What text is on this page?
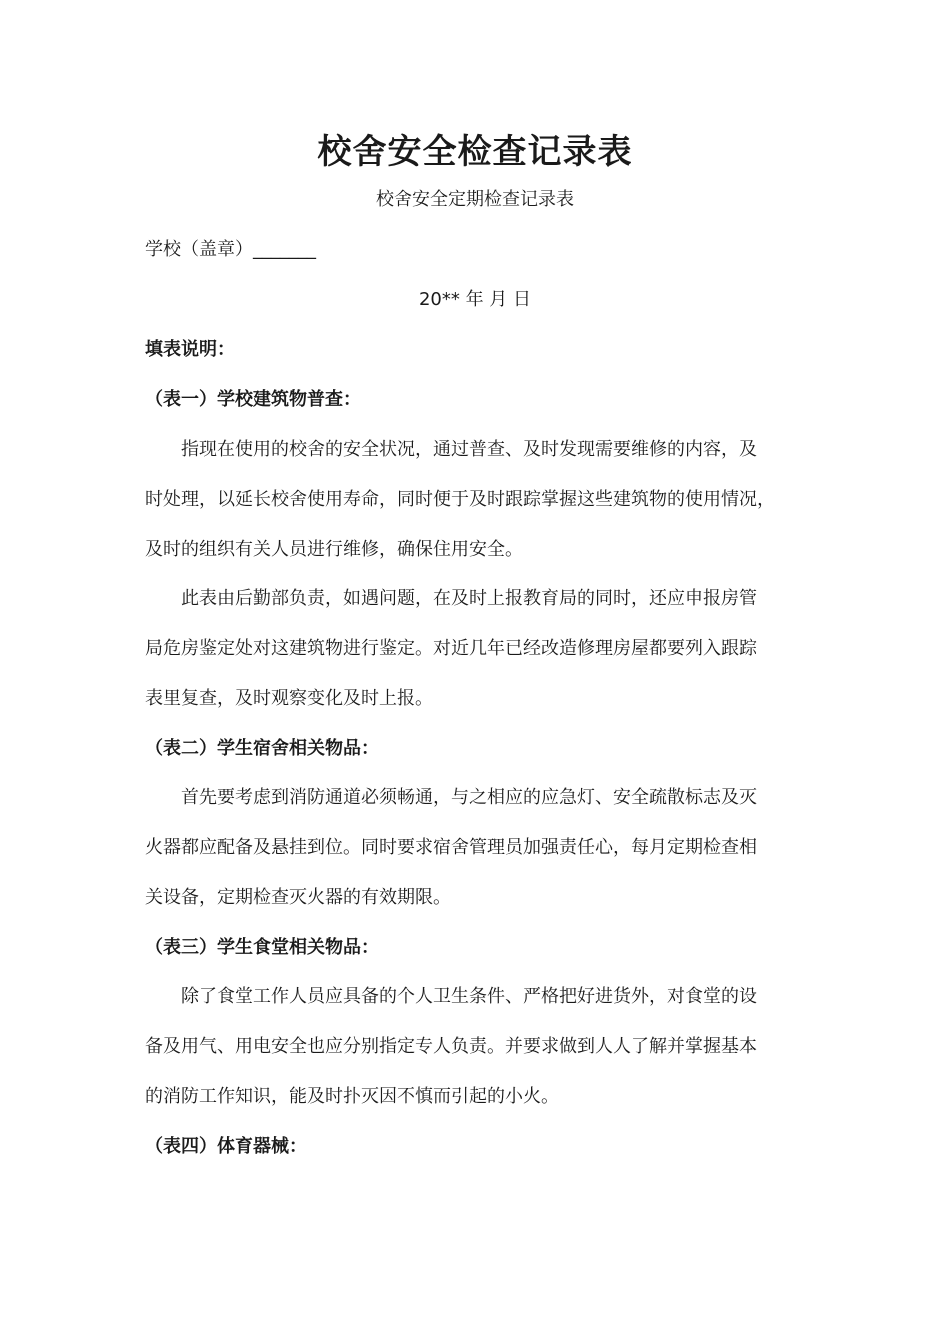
校舍安全检查记录表
校舍安全定期检查记录表
学校（盖章）_______
20** 年 月 日
填表说明：
（表一）学校建筑物普查：

指现在使用的校舍的安全状况，通过普查、及时发现需要维修的内容，及

时处理，以延长校舍使用寿命，同时便于及时跟踪掌握这些建筑物的使用情况，

及时的组织有关人员进行维修，确保住用安全。

此表由后勤部负责，如遇问题，在及时上报教育局的同时，还应申报房管

局危房鉴定处对这建筑物进行鉴定。对近几年已经改造修理房屋都要列入跟踪

表里复查，及时观察变化及时上报。

（表二）学生宿舍相关物品：

首先要考虑到消防通道必须畅通，与之相应的应急灯、安全疏散标志及灭

火器都应配备及悬挂到位。同时要求宿舍管理员加强责任心，每月定期检查相

关设备，定期检查灭火器的有效期限。

（表三）学生食堂相关物品：

除了食堂工作人员应具备的个人卫生条件、严格把好进货外，对食堂的设

备及用气、用电安全也应分别指定专人负责。并要求做到人人了解并掌握基本

的消防工作知识，能及时扑灭因不慎而引起的小火。

（表四）体育器械：
